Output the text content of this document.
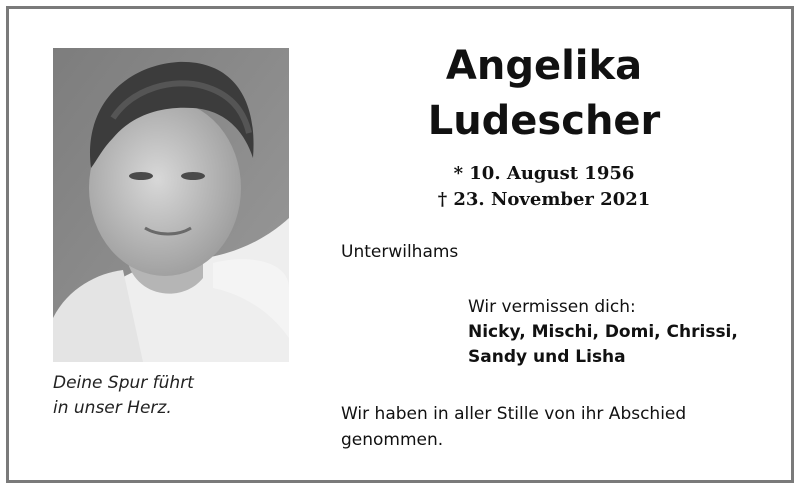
Deine Spur führt
in unser Herz.
Angelika
Ludescher
* 10. August 1956
† 23. November 2021
Unterwilhams
Wir vermissen dich:
Nicky, Mischi, Domi, Chrissi,
Sandy und Lisha
Wir haben in aller Stille von ihr Abschied genommen.
